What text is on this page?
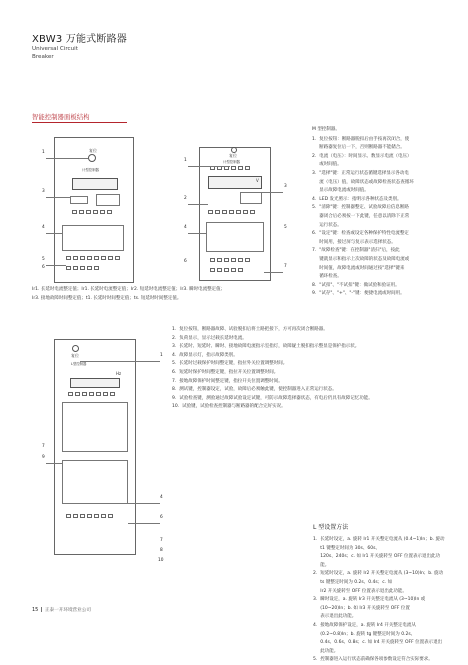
XBW3 万能式断路器
Universal Circuit
Breaker
智能控制器面板结构
复位
计型控制器
1
3
4
5
6
复位
计型控制器
V
1
2
3
4	5
6
7
Ir1. 长延时电流整定值；Ir1. 长延时电流整定值；Ir2. 短延时电流整定值；Ir3. 瞬时电流整定值；
Ir3. 接地故障时间整定值；t1. 长延时时间整定值；ts. 短延时时间整定值。
M 型控制器。
1. 复位按钮：断路器脱扣后由手按再次闭合，使
断路器复位后一下，否则断路器不能储合。
2. 电流（电压）：时间显示。数显示电流（电压）
或时间值。
3. "选择"键：正常运行状态循键选择显示各动电
流（电压）值，故障状态或故障检查状态查循环
显示故障电流或时间值。
4. LED 发光照示：指明示各种状态及类别。
5. "清除"键：控制器整定、试验故障后信息断路
器闭合后必须按一下此键，任意以清除下正常
运行状态。
6. "设定"键：检查或设定各种保护特性电流整定
时间用，接过屏与复示表示选择状态。
7. "故障检查"键：在控制器"清扫"后，按此
键就显示和指示上次故障的状态及故障电流或
时间值，故障电流或时间通过按"选择"键来
循环检查。
8. "试扣"、"不试扣"键：做试验和验证用。
9. "试存"、"+"、"-"键：便捷电流或时间用。
复位
L型控制器
Hz
1
7
9
4
6
7
8
10
1. 复位按钮，断路器故障、试验脱扣后将土路把接下，方可再次闭合断路器。
2. 负荷显示，显示过载长延时电流。
3. 长延时、短延时、瞬时、接地故障电流指示室指灯，故障疑土脱扣指示整显是保护指示状。
4. 故障显示灯，指示故障类别。
5. 长延时过载保护时间整定键，指拉外关位置调整时间。
6. 短延时保护时间整定键，指拉开关位置调整时间。
7. 接地故障保护时间整定键，指拉开关位置调整时间。
8. 测试键，控制器设定，试验，故障后必须触此键，使控制器进入正常运行状态。
9. 试验检查键，测验通过故障试验设定试键，可防示故障选择器状态，有电后仍具有故障记忆功能。
10. 试验键，试验检查控制器与断路器的配合完好实况。
L 型设置方法
1. 长延时设定，a. 旋转 Ir1 开关整定电流从 (0.4~1)In；b. 旋动 t1 键整定时间为 30s、60s、
120s、240s；c. 如 Ir1 开关旋转至 OFF 位置表示退出此功能。
2. 短延时设定，a. 旋转 Ir2 开关整定电流从 (3~10)In；b. 旋动 ts 键整定时间为 0.2s、0.4s；c. 如
Ir2 开关旋转至 OFF 位置表示退出此功能。
3. 瞬时设定，a. 旋转 Ir3 开关整定电流从 (3~10)In 或 (10~20)In；b. 如 Ir3 开关旋转至 OFF 位置
表示退出此功能。
4. 接地故障保护设定，a. 旋转 Ir4 开关整定电流从 (0.2~0.8)In；b. 旋转 tg 键整定时间为 0.2s、
0.4s、0.6s、0.8s；c. 如 Ir4 开关旋转至 OFF 位置表示退出此功能。
5. 控制器进入运行状态前确保各项参数设定符合实际要求。
15 正泰一开环境营业公司
